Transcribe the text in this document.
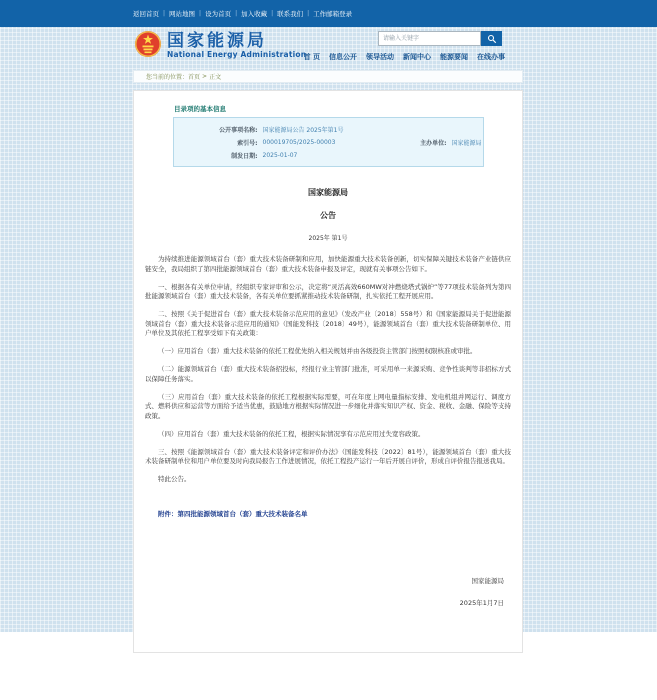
返回首页 | 网站地图 | 设为首页 | 加入收藏 | 联系我们 | 工作邮箱登录
国家能源局
National Energy Administration
请输入关键字
首 页 信息公开 领导活动 新闻中心 能源要闻 在线办事
您当前的位置： 首页 > 正文
目录项的基本信息
公开事项名称: 国家能源局公告 2025年第1号
索引号: 000019705/2025-00003	主办单位: 国家能源局
制发日期: 2025-01-07
国家能源局
公告
2025年 第1号

为持续推进能源领域首台（套）重大技术装备研制和应用，加快能源重大技术装备创新，切实保障关键技术装备产业链供应链安全，我局组织了第四批能源领域首台（套）重大技术装备申报及评定，现就有关事项公告如下。

一、根据各有关单位申请，经组织专家评审和公示，决定将“灵活高效660MW对冲燃烧塔式锅炉”等77项技术装备列为第四批能源领域首台（套）重大技术装备，各有关单位要抓紧推动技术装备研制，扎实依托工程开展应用。

二、按照《关于促进首台（套）重大技术装备示范应用的意见》（发改产业〔2018〕558号）和《国家能源局关于促进能源领域首台（套）重大技术装备示范应用的通知》（国能发科技〔2018〕49号），能源领域首台（套）重大技术装备研制单位、用户单位及其依托工程享受如下有关政策：

（一）应用首台（套）重大技术装备的依托工程优先纳入相关规划并由各级投资主管部门按照权限核准或审批。

（二）能源领域首台（套）重大技术装备招投标，经报行业主管部门批准，可采用单一来源采购、竞争性谈判等非招标方式以保障任务落实。

（三）应用首台（套）重大技术装备的依托工程根据实际需要，可在年度上网电量指标安排、发电机组并网运行、调度方式、燃料供应和运营等方面给予适当优惠，鼓励地方根据实际情况进一步细化并落实知识产权、资金、税收、金融、保险等支持政策。

（四）应用首台（套）重大技术装备的依托工程，根据实际情况享有示范应用过失宽容政策。

三、按照《能源领域首台（套）重大技术装备评定和评价办法》（国能发科技〔2022〕81号），能源领域首台（套）重大技术装备研制单位和用户单位要及时向我局报告工作进展情况，依托工程投产运行一年后开展自评价，形成自评价报告报送我局。

特此公告。

附件：第四批能源领域首台（套）重大技术装备名单
国家能源局
2025年1月7日
